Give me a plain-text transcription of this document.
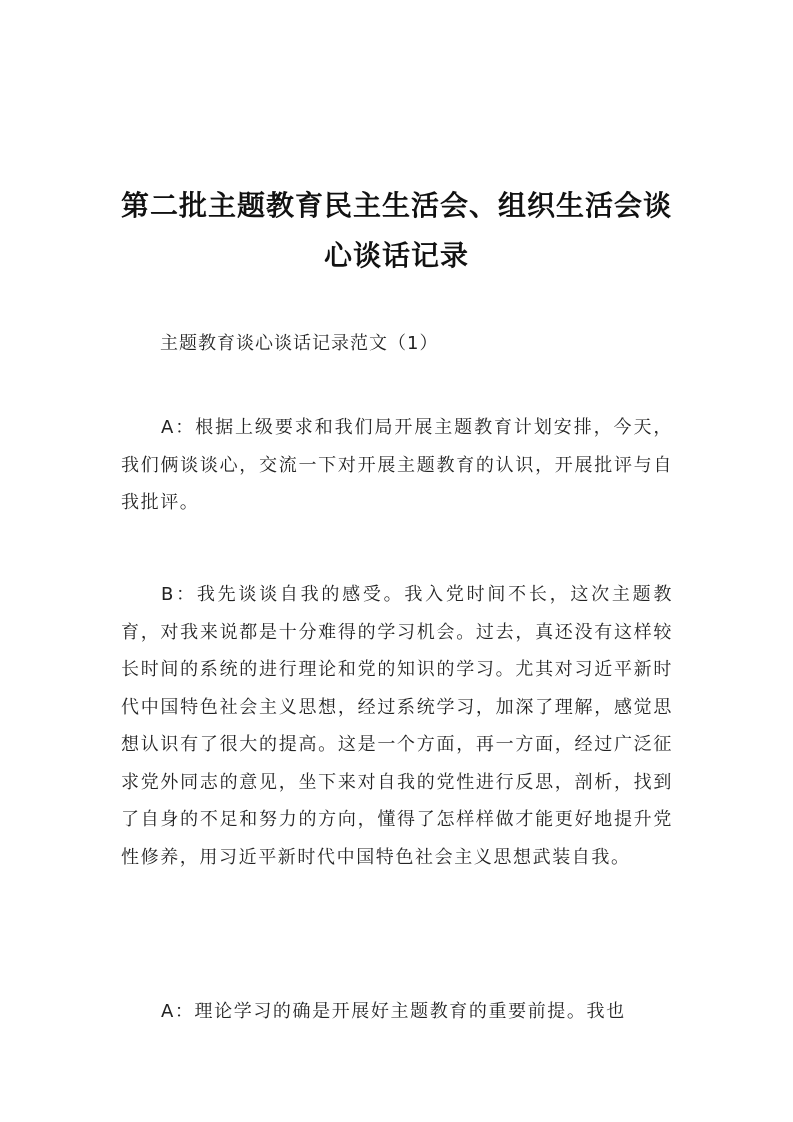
第二批主题教育民主生活会、组织生活会谈
心谈话记录
主题教育谈心谈话记录范文（1）

A：根据上级要求和我们局开展主题教育计划安排，今天，我们俩谈谈心，交流一下对开展主题教育的认识，开展批评与自我批评。

B：我先谈谈自我的感受。我入党时间不长，这次主题教育，对我来说都是十分难得的学习机会。过去，真还没有这样较长时间的系统的进行理论和党的知识的学习。尤其对习近平新时代中国特色社会主义思想，经过系统学习，加深了理解，感觉思想认识有了很大的提高。这是一个方面，再一方面，经过广泛征求党外同志的意见，坐下来对自我的党性进行反思，剖析，找到了自身的不足和努力的方向，懂得了怎样样做才能更好地提升党性修养，用习近平新时代中国特色社会主义思想武装自我。

A：理论学习的确是开展好主题教育的重要前提。我也
